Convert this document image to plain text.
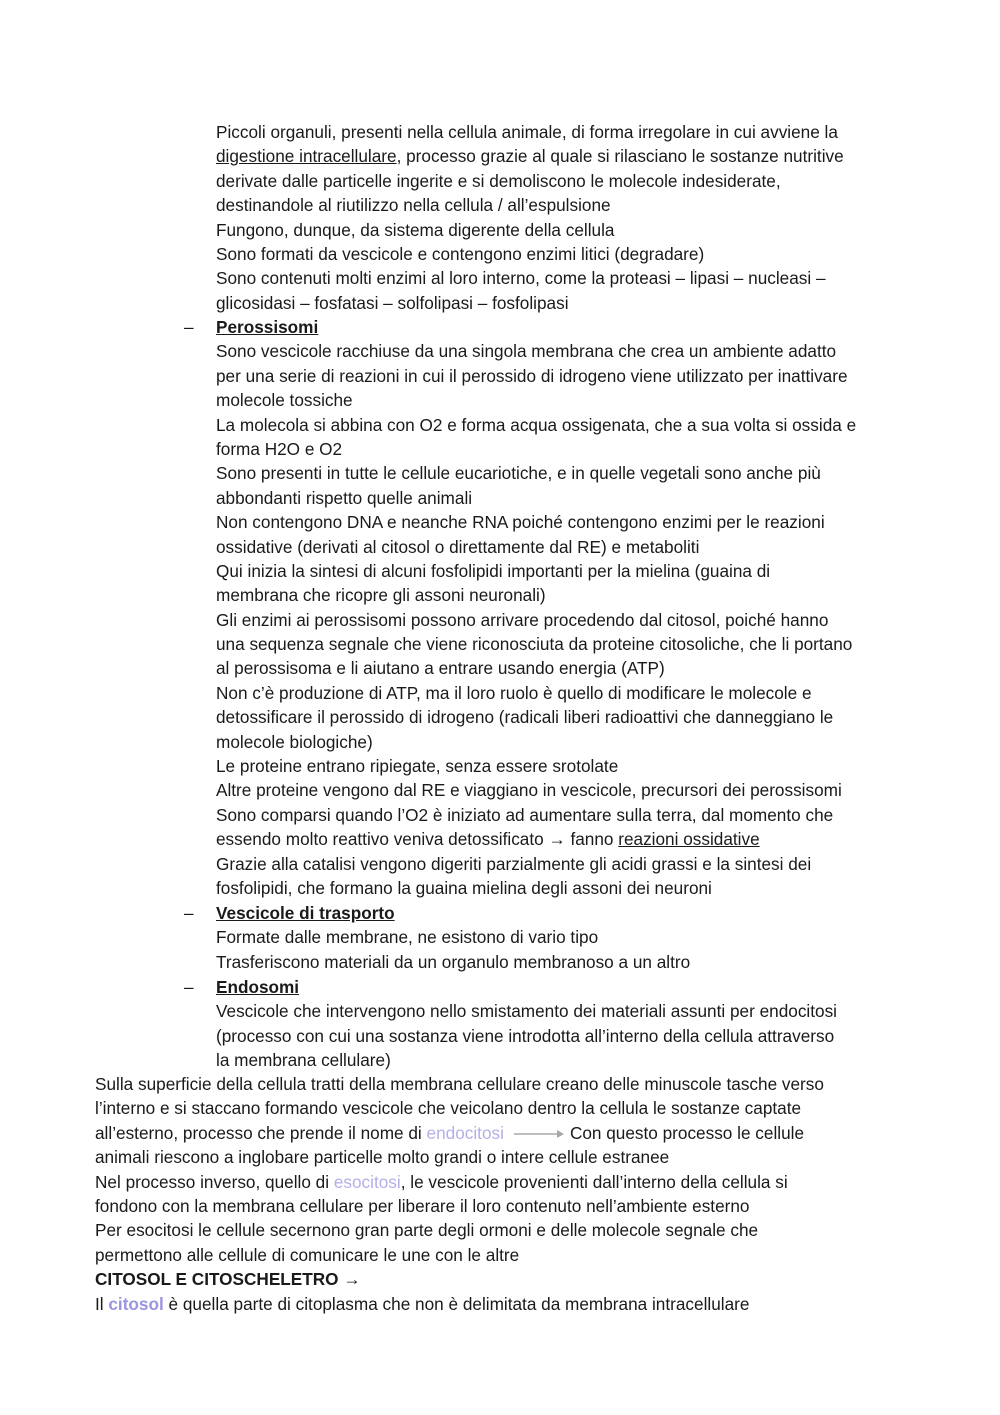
Piccoli organuli, presenti nella cellula animale, di forma irregolare in cui avviene la
digestione intracellulare, processo grazie al quale si rilasciano le sostanze nutritive
derivate dalle particelle ingerite e si demoliscono le molecole indesiderate,
destinandole al riutilizzo nella cellula / all’espulsione
Fungono, dunque, da sistema digerente della cellula
Sono formati da vescicole e contengono enzimi litici (degradare)
Sono contenuti molti enzimi al loro interno, come la proteasi – lipasi – nucleasi –
glicosidasi – fosfatasi – solfolipasi – fosfolipasi
– Perossisomi
Sono vescicole racchiuse da una singola membrana che crea un ambiente adatto
per una serie di reazioni in cui il perossido di idrogeno viene utilizzato per inattivare
molecole tossiche
La molecola si abbina con O2 e forma acqua ossigenata, che a sua volta si ossida e
forma H2O e O2
Sono presenti in tutte le cellule eucariotiche, e in quelle vegetali sono anche più
abbondanti rispetto quelle animali
Non contengono DNA e neanche RNA poiché contengono enzimi per le reazioni
ossidative (derivati al citosol o direttamente dal RE) e metaboliti
Qui inizia la sintesi di alcuni fosfolipidi importanti per la mielina (guaina di
membrana che ricopre gli assoni neuronali)
Gli enzimi ai perossisomi possono arrivare procedendo dal citosol, poiché hanno
una sequenza segnale che viene riconosciuta da proteine citosoliche, che li portano
al perossisoma e li aiutano a entrare usando energia (ATP)
Non c’è produzione di ATP, ma il loro ruolo è quello di modificare le molecole e
detossificare il perossido di idrogeno (radicali liberi radioattivi che danneggiano le
molecole biologiche)
Le proteine entrano ripiegate, senza essere srotolate
Altre proteine vengono dal RE e viaggiano in vescicole, precursori dei perossisomi
Sono comparsi quando l’O2 è iniziato ad aumentare sulla terra, dal momento che
essendo molto reattivo veniva detossificato → fanno reazioni ossidative
Grazie alla catalisi vengono digeriti parzialmente gli acidi grassi e la sintesi dei
fosfolipidi, che formano la guaina mielina degli assoni dei neuroni
– Vescicole di trasporto
Formate dalle membrane, ne esistono di vario tipo
Trasferiscono materiali da un organulo membranoso a un altro
– Endosomi
Vescicole che intervengono nello smistamento dei materiali assunti per endocitosi
(processo con cui una sostanza viene introdotta all’interno della cellula attraverso
la membrana cellulare)
Sulla superficie della cellula tratti della membrana cellulare creano delle minuscole tasche verso
l’interno e si staccano formando vescicole che veicolano dentro la cellula le sostanze captate
all’esterno, processo che prende il nome di endocitosi	Con questo processo le cellule
animali riescono a inglobare particelle molto grandi o intere cellule estranee
Nel processo inverso, quello di esocitosi, le vescicole provenienti dall’interno della cellula si
fondono con la membrana cellulare per liberare il loro contenuto nell’ambiente esterno
Per esocitosi le cellule secernono gran parte degli ormoni e delle molecole segnale che
permettono alle cellule di comunicare le une con le altre
CITOSOL E CITOSCHELETRO →
Il citosol è quella parte di citoplasma che non è delimitata da membrana intracellulare
